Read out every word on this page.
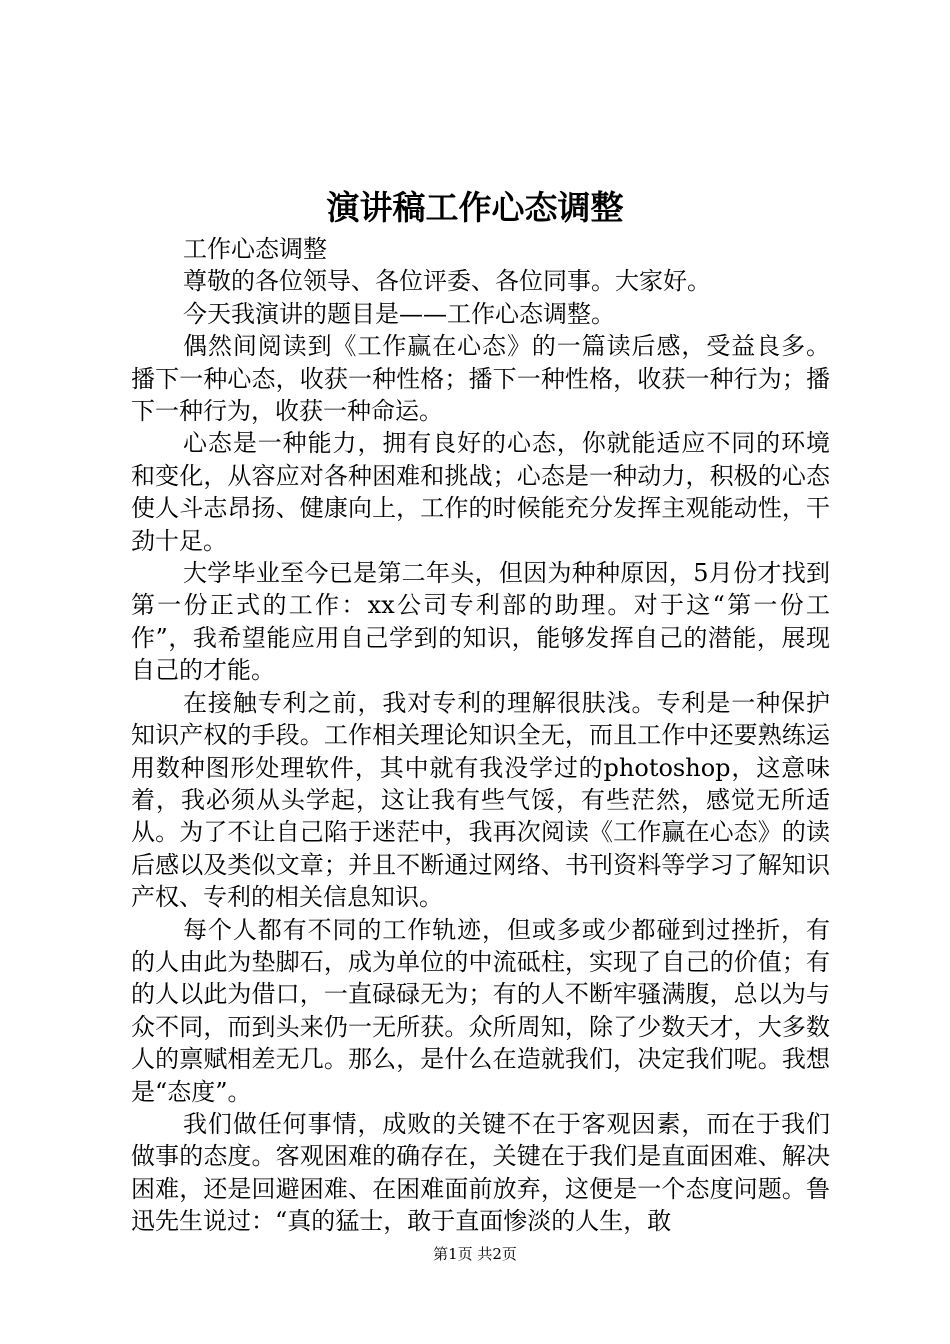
演讲稿工作心态调整

工作心态调整

尊敬的各位领导、各位评委、各位同事。大家好。

今天我演讲的题目是——工作心态调整。

偶然间阅读到《工作赢在心态》的一篇读后感，受益良多。播下一种心态，收获一种性格；播下一种性格，收获一种行为；播下一种行为，收获一种命运。

心态是一种能力，拥有良好的心态，你就能适应不同的环境和变化，从容应对各种困难和挑战；心态是一种动力，积极的心态使人斗志昂扬、健康向上，工作的时候能充分发挥主观能动性，干劲十足。

大学毕业至今已是第二年头，但因为种种原因，5月份才找到第一份正式的工作：xx公司专利部的助理。对于这“第一份工作”，我希望能应用自己学到的知识，能够发挥自己的潜能，展现自己的才能。

在接触专利之前，我对专利的理解很肤浅。专利是一种保护知识产权的手段。工作相关理论知识全无，而且工作中还要熟练运用数种图形处理软件，其中就有我没学过的photoshop，这意味着，我必须从头学起，这让我有些气馁，有些茫然，感觉无所适从。为了不让自己陷于迷茫中，我再次阅读《工作赢在心态》的读后感以及类似文章；并且不断通过网络、书刊资料等学习了解知识产权、专利的相关信息知识。

每个人都有不同的工作轨迹，但或多或少都碰到过挫折，有的人由此为垫脚石，成为单位的中流砥柱，实现了自己的价值；有的人以此为借口，一直碌碌无为；有的人不断牢骚满腹，总以为与众不同，而到头来仍一无所获。众所周知，除了少数天才，大多数人的禀赋相差无几。那么，是什么在造就我们，决定我们呢。我想是“态度”。

我们做任何事情，成败的关键不在于客观因素，而在于我们做事的态度。客观困难的确存在，关键在于我们是直面困难、解决困难，还是回避困难、在困难面前放弃，这便是一个态度问题。鲁迅先生说过：“真的猛士，敢于直面惨淡的人生，敢

第1页 共2页
